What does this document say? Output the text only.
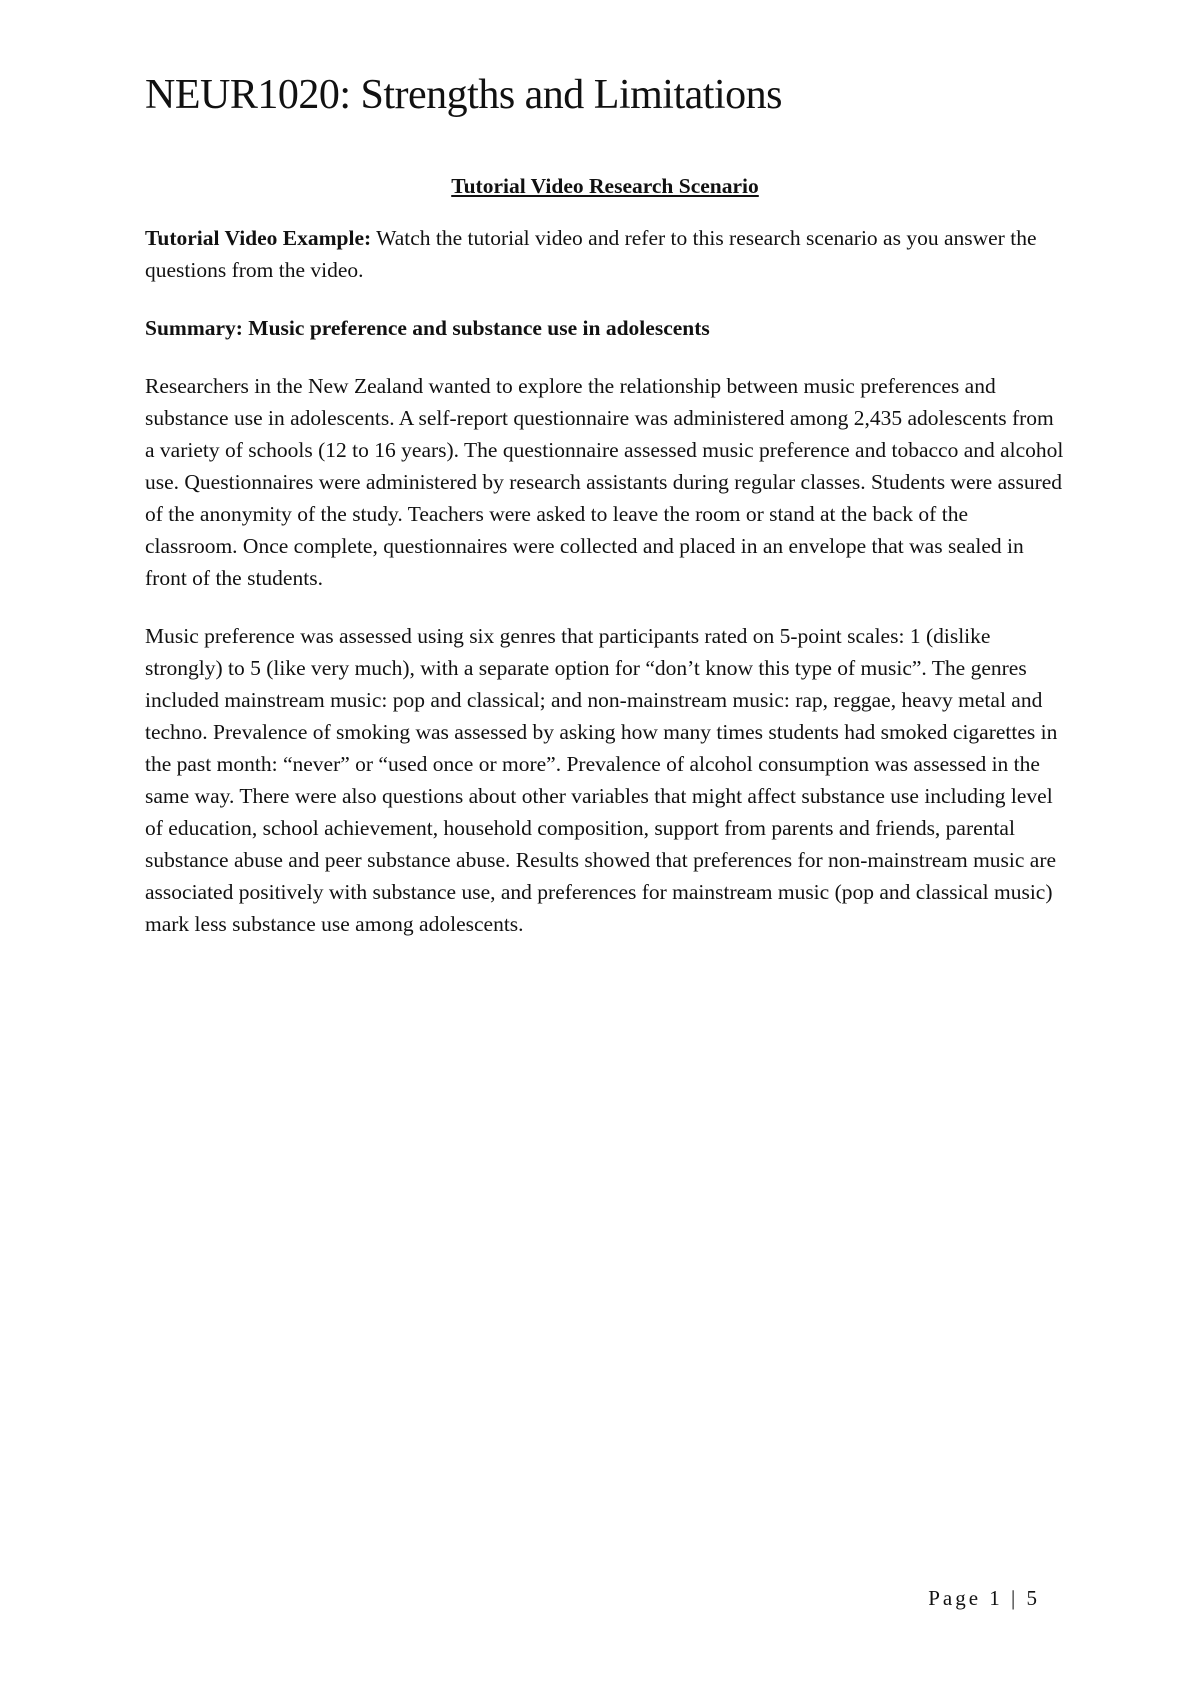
NEUR1020: Strengths and Limitations

Tutorial Video Research Scenario

Tutorial Video Example: Watch the tutorial video and refer to this research scenario as you answer the questions from the video.

Summary: Music preference and substance use in adolescents

Researchers in the New Zealand wanted to explore the relationship between music preferences and substance use in adolescents. A self-report questionnaire was administered among 2,435 adolescents from a variety of schools (12 to 16 years). The questionnaire assessed music preference and tobacco and alcohol use. Questionnaires were administered by research assistants during regular classes. Students were assured of the anonymity of the study. Teachers were asked to leave the room or stand at the back of the classroom. Once complete, questionnaires were collected and placed in an envelope that was sealed in front of the students.

Music preference was assessed using six genres that participants rated on 5-point scales: 1 (dislike strongly) to 5 (like very much), with a separate option for “don’t know this type of music”. The genres included mainstream music: pop and classical; and non-mainstream music: rap, reggae, heavy metal and techno. Prevalence of smoking was assessed by asking how many times students had smoked cigarettes in the past month: “never” or “used once or more”. Prevalence of alcohol consumption was assessed in the same way. There were also questions about other variables that might affect substance use including level of education, school achievement, household composition, support from parents and friends, parental substance abuse and peer substance abuse. Results showed that preferences for non-mainstream music are associated positively with substance use, and preferences for mainstream music (pop and classical music) mark less substance use among adolescents.

Page 1 | 5
